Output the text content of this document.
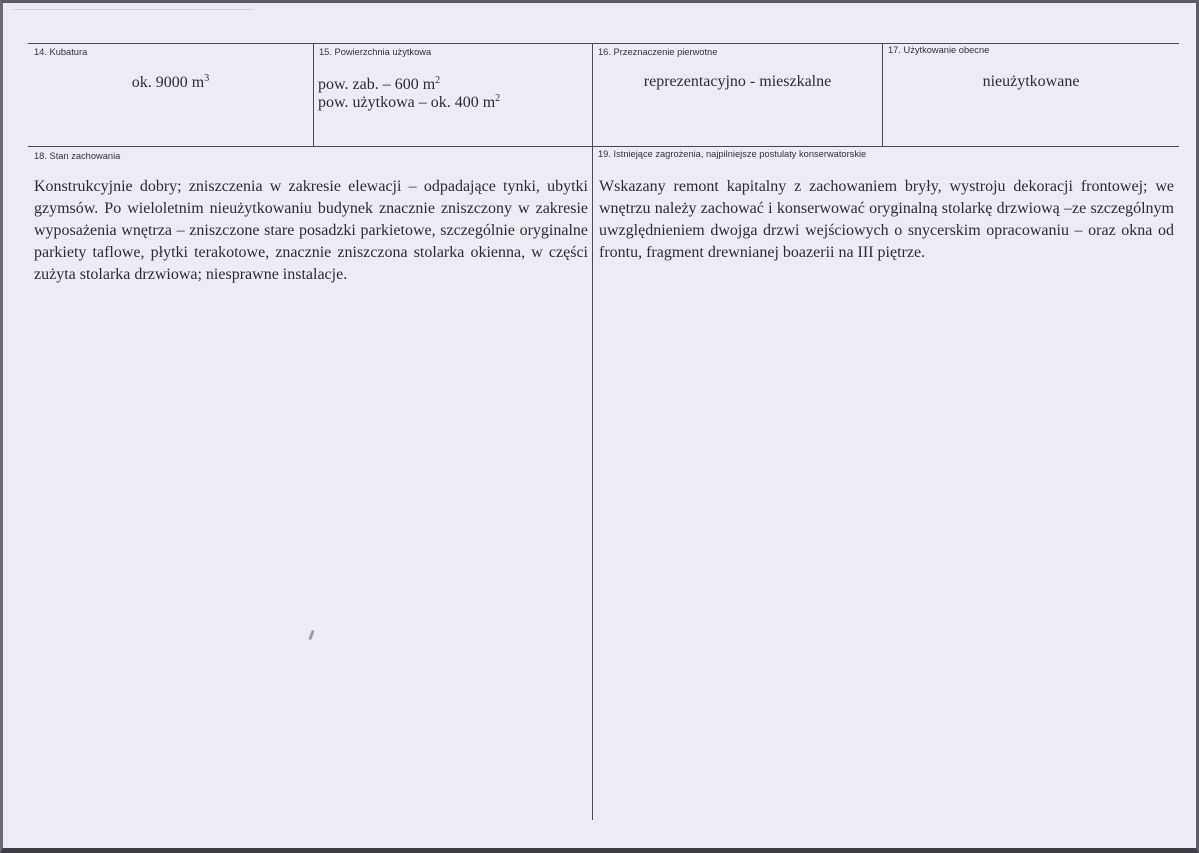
14. Kubatura
ok. 9000 $m^3$
15. Powierzchnia użytkowa
pow. zab. – 600 $m^2$
pow. użytkowa – ok. 400 $m^2$
16. Przeznaczenie pierwotne
reprezentacyjno - mieszkalne
17. Użytkowanie obecne
nieużytkowane
18. Stan zachowania
Konstrukcyjnie dobry; zniszczenia w zakresie elewacji – odpadające tynki, ubytki gzymsów. Po wieloletnim nieużytkowaniu budynek znacznie zniszczony w zakresie wyposażenia wnętrza – zniszczone stare posadzki parkietowe, szczególnie oryginalne parkiety taflowe, płytki terakotowe, znacznie zniszczona stolarka okienna, w części zużyta stolarka drzwiowa; niesprawne instalacje.
19. Istniejące zagrożenia, najpilniejsze postulaty konserwatorskie
Wskazany remont kapitalny z zachowaniem bryły, wystroju dekoracji frontowej; we wnętrzu należy zachować i konserwować oryginalną stolarkę drzwiową –ze szczególnym uwzględnieniem dwojga drzwi wejściowych o snycerskim opracowaniu – oraz okna od frontu, fragment drewnianej boazerii na III piętrze.
